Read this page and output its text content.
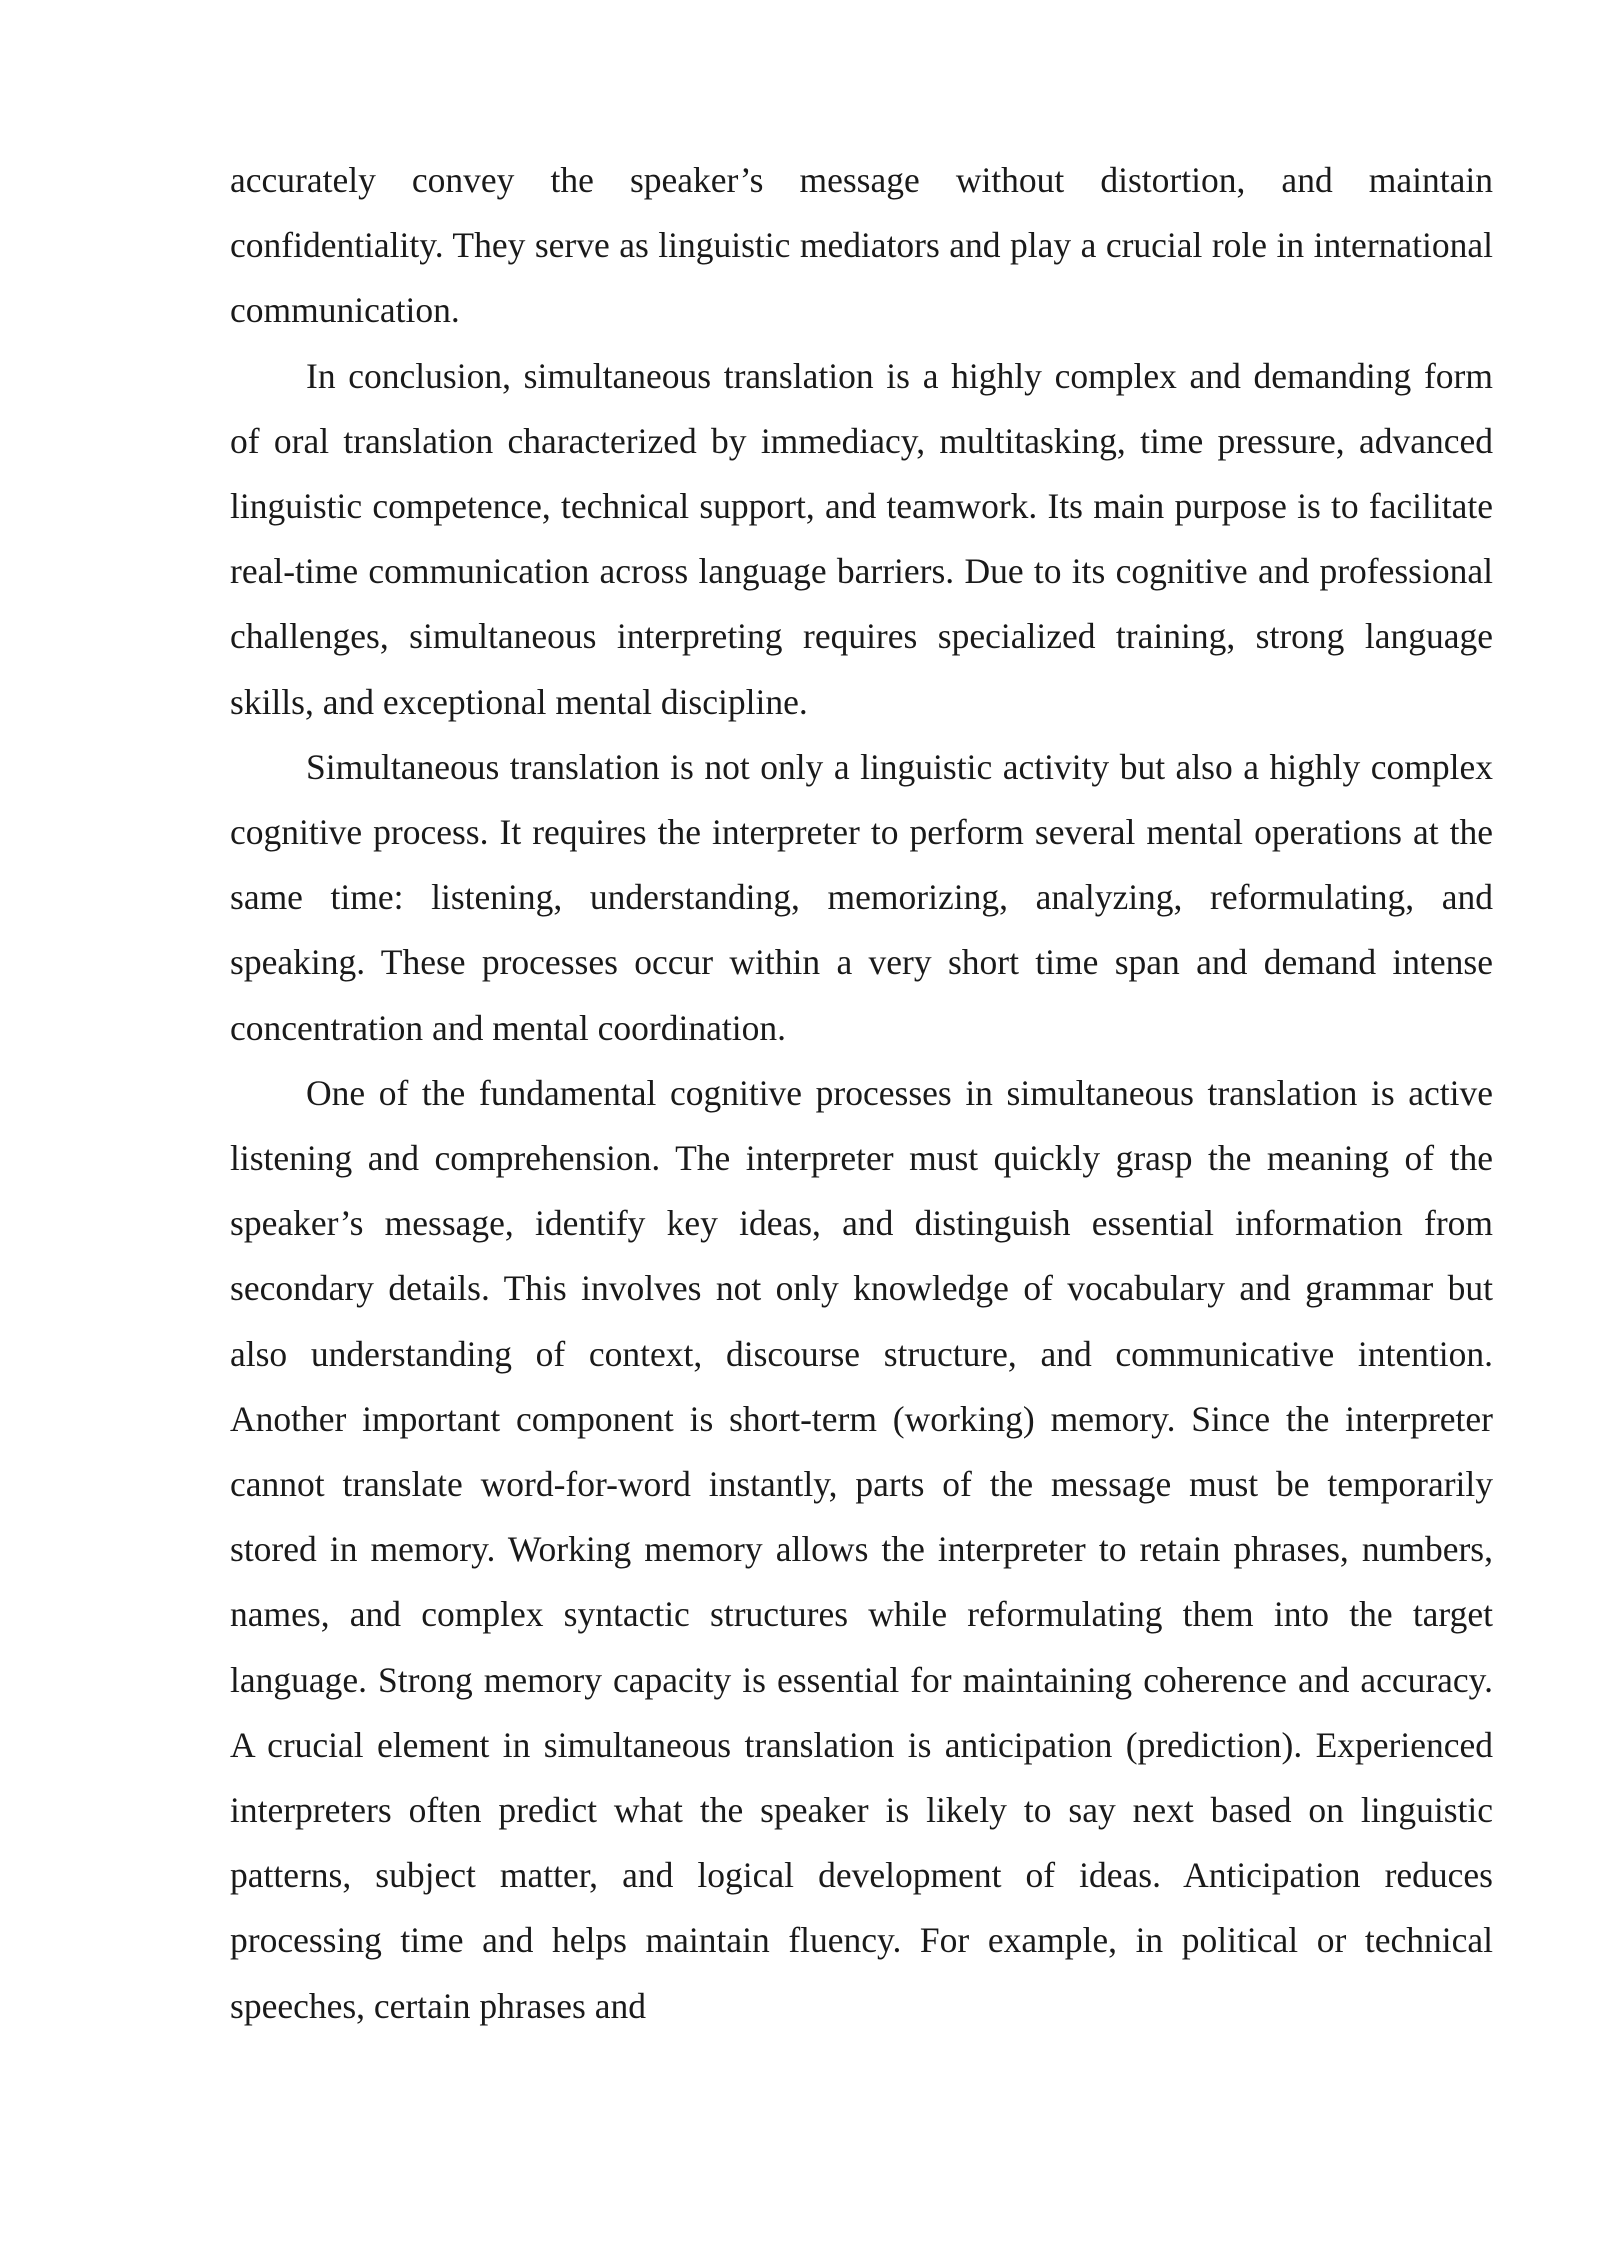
accurately convey the speaker’s message without distortion, and maintain confidentiality. They serve as linguistic mediators and play a crucial role in international communication.

In conclusion, simultaneous translation is a highly complex and demanding form of oral translation characterized by immediacy, multitasking, time pressure, advanced linguistic competence, technical support, and teamwork. Its main purpose is to facilitate real-time communication across language barriers. Due to its cognitive and professional challenges, simultaneous interpreting requires specialized training, strong language skills, and exceptional mental discipline.

Simultaneous translation is not only a linguistic activity but also a highly complex cognitive process. It requires the interpreter to perform several mental operations at the same time: listening, understanding, memorizing, analyzing, reformulating, and speaking. These processes occur within a very short time span and demand intense concentration and mental coordination.

One of the fundamental cognitive processes in simultaneous translation is active listening and comprehension. The interpreter must quickly grasp the meaning of the speaker’s message, identify key ideas, and distinguish essential information from secondary details. This involves not only knowledge of vocabulary and grammar but also understanding of context, discourse structure, and communicative intention. Another important component is short-term (working) memory. Since the interpreter cannot translate word-for-word instantly, parts of the message must be temporarily stored in memory. Working memory allows the interpreter to retain phrases, numbers, names, and complex syntactic structures while reformulating them into the target language. Strong memory capacity is essential for maintaining coherence and accuracy. A crucial element in simultaneous translation is anticipation (prediction). Experienced interpreters often predict what the speaker is likely to say next based on linguistic patterns, subject matter, and logical development of ideas. Anticipation reduces processing time and helps maintain fluency. For example, in political or technical speeches, certain phrases and
